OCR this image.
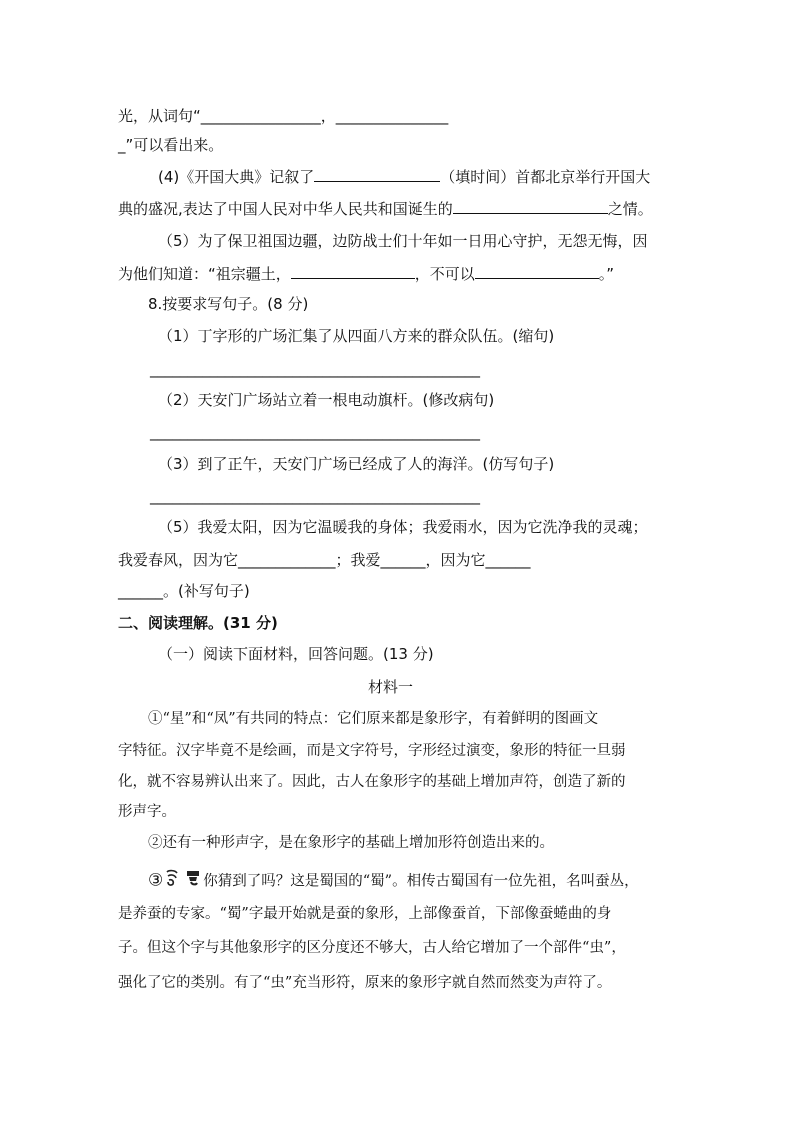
光，从词句“________________，_______________
_”可以看出来。
(4)《开国大典》记叙了	（填时间）首都北京举行开国大
典的盛况,表达了中国人民对中华人民共和国诞生的	之情。
（5）为了保卫祖国边疆，边防战士们十年如一日用心守护，无怨无悔，因
为他们知道：“祖宗疆土，	，不可以	。”
8.按要求写句子。(8 分)
（1）丁字形的广场汇集了从四面八方来的群众队伍。(缩句)
____________________________________________
（2）天安门广场站立着一根电动旗杆。(修改病句)
____________________________________________
（3）到了正午，天安门广场已经成了人的海洋。(仿写句子)
____________________________________________
（5）我爱太阳，因为它温暖我的身体；我爱雨水，因为它洗净我的灵魂；
我爱春风，因为它_____________；我爱______，因为它______
______。(补写句子)
二、阅读理解。(31 分)
（一）阅读下面材料，回答问题。(13 分)
材料一
①“星”和“凤”有共同的特点：它们原来都是象形字，有着鲜明的图画文
字特征。汉字毕竟不是绘画，而是文字符号，字形经过演变，象形的特征一旦弱
化，就不容易辨认出来了。因此，古人在象形字的基础上增加声符，创造了新的
形声字。
②还有一种形声字，是在象形字的基础上增加形符创造出来的。
③	你猜到了吗？这是蜀国的“蜀”。相传古蜀国有一位先祖，名叫蚕丛，
是养蚕的专家。“蜀”字最开始就是蚕的象形，上部像蚕首，下部像蚕蜷曲的身
子。但这个字与其他象形字的区分度还不够大，古人给它增加了一个部件“虫”，
强化了它的类别。有了“虫”充当形符，原来的象形字就自然而然变为声符了。
